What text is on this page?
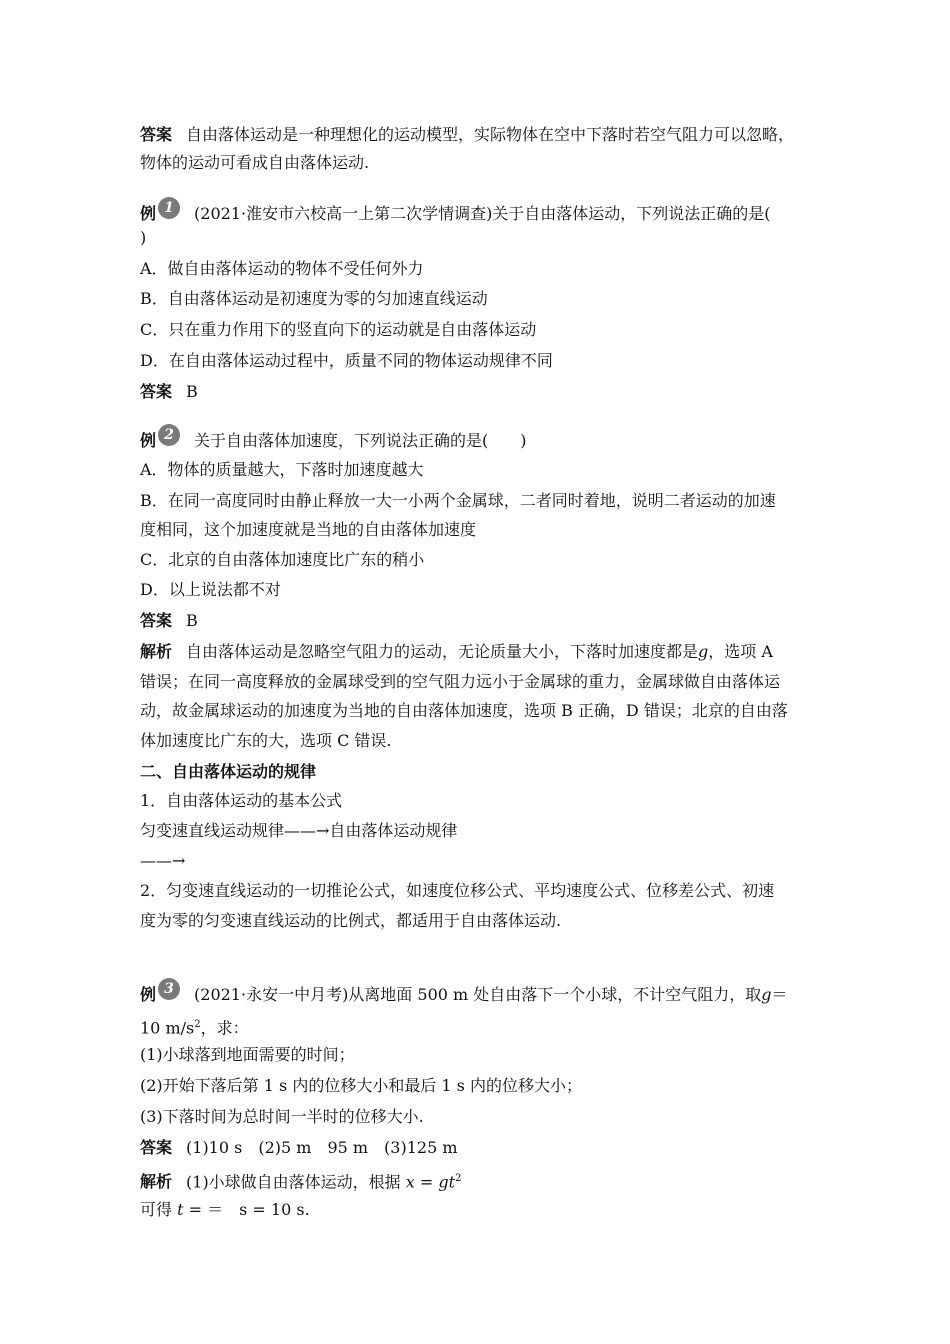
答案 自由落体运动是一种理想化的运动模型，实际物体在空中下落时若空气阻力可以忽略，
物体的运动可看成自由落体运动.
例 1 (2021·淮安市六校高一上第二次学情调查)关于自由落体运动，下列说法正确的是(
)
A．做自由落体运动的物体不受任何外力
B．自由落体运动是初速度为零的匀加速直线运动
C．只在重力作用下的竖直向下的运动就是自由落体运动
D．在自由落体运动过程中，质量不同的物体运动规律不同
答案 B
例 2 关于自由落体加速度，下列说法正确的是(　　)
A．物体的质量越大，下落时加速度越大
B．在同一高度同时由静止释放一大一小两个金属球，二者同时着地，说明二者运动的加速
度相同，这个加速度就是当地的自由落体加速度
C．北京的自由落体加速度比广东的稍小
D．以上说法都不对
答案 B
解析 自由落体运动是忽略空气阻力的运动，无论质量大小，下落时加速度都是g，选项 A
错误；在同一高度释放的金属球受到的空气阻力远小于金属球的重力，金属球做自由落体运
动，故金属球运动的加速度为当地的自由落体加速度，选项 B 正确，D 错误；北京的自由落
体加速度比广东的大，选项 C 错误.
二、自由落体运动的规律
1．自由落体运动的基本公式
匀变速直线运动规律——→自由落体运动规律
——→
2．匀变速直线运动的一切推论公式，如速度位移公式、平均速度公式、位移差公式、初速
度为零的匀变速直线运动的比例式，都适用于自由落体运动.
例 3 (2021·永安一中月考)从离地面 500 m 处自由落下一个小球，不计空气阻力，取g＝
10 $m/s^2$，求：
(1)小球落到地面需要的时间；
(2)开始下落后第 1 s 内的位移大小和最后 1 s 内的位移大小；
(3)下落时间为总时间一半时的位移大小.
答案 (1)10 s　(2)5 m　95 m　(3)125 m
解析 (1)小球做自由落体运动，根据 $x = gt^2$
可得 t = ＝　s = 10 s.
